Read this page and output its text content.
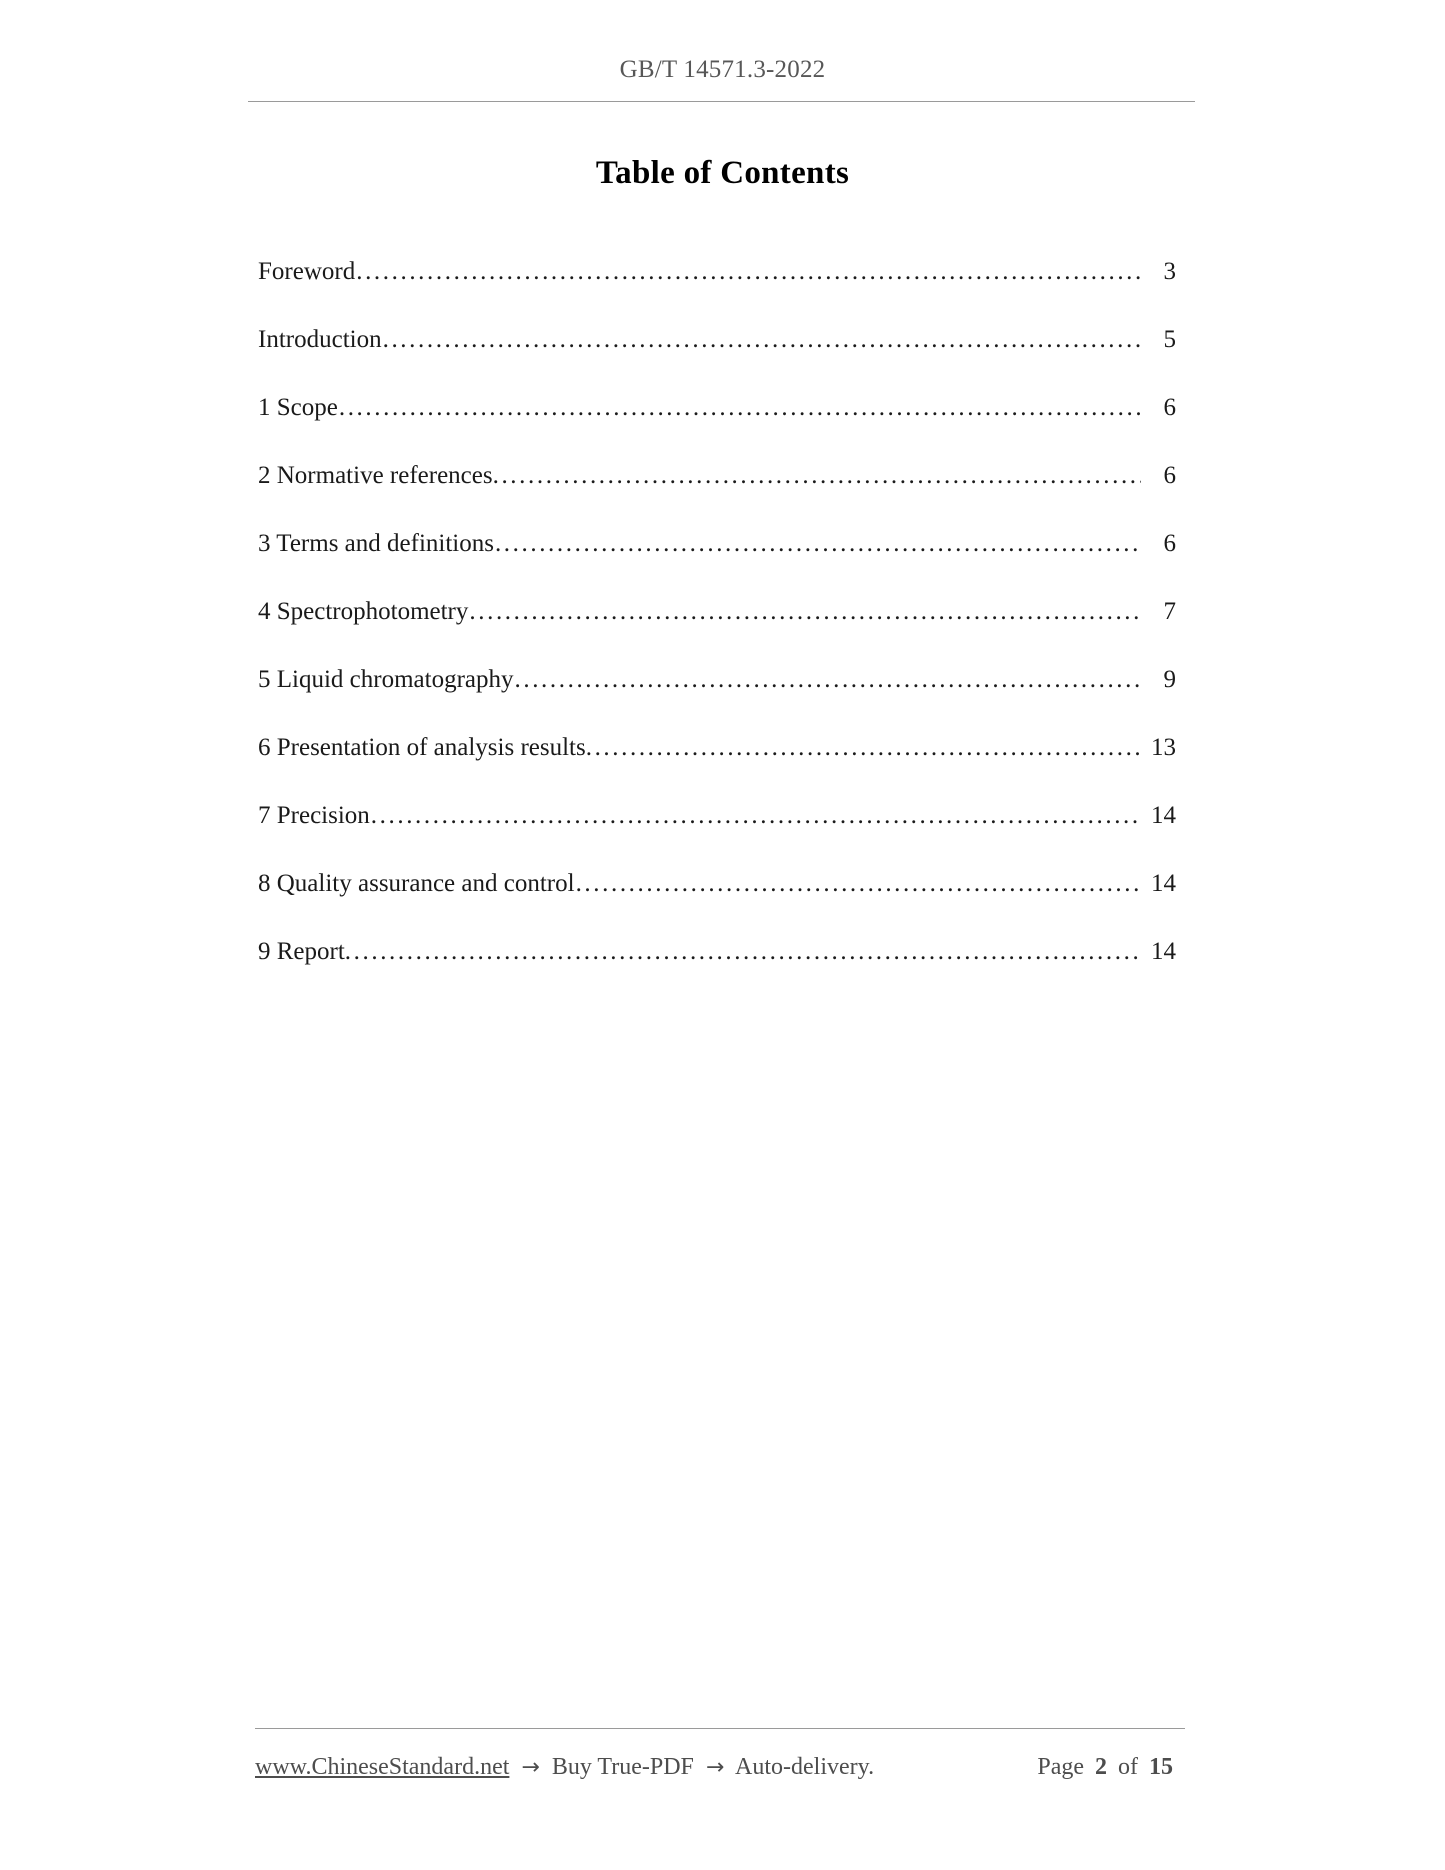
GB/T 14571.3-2022
Table of Contents
Foreword .....	3
Introduction .....	5
1 Scope .....	6
2 Normative references .....	6
3 Terms and definitions .....	6
4 Spectrophotometry .....	7
5 Liquid chromatography .....	9
6 Presentation of analysis results .....	13
7 Precision .....	14
8 Quality assurance and control .....	14
9 Report .....	14
www.ChineseStandard.net → Buy True-PDF → Auto-delivery.	Page 2 of 15
